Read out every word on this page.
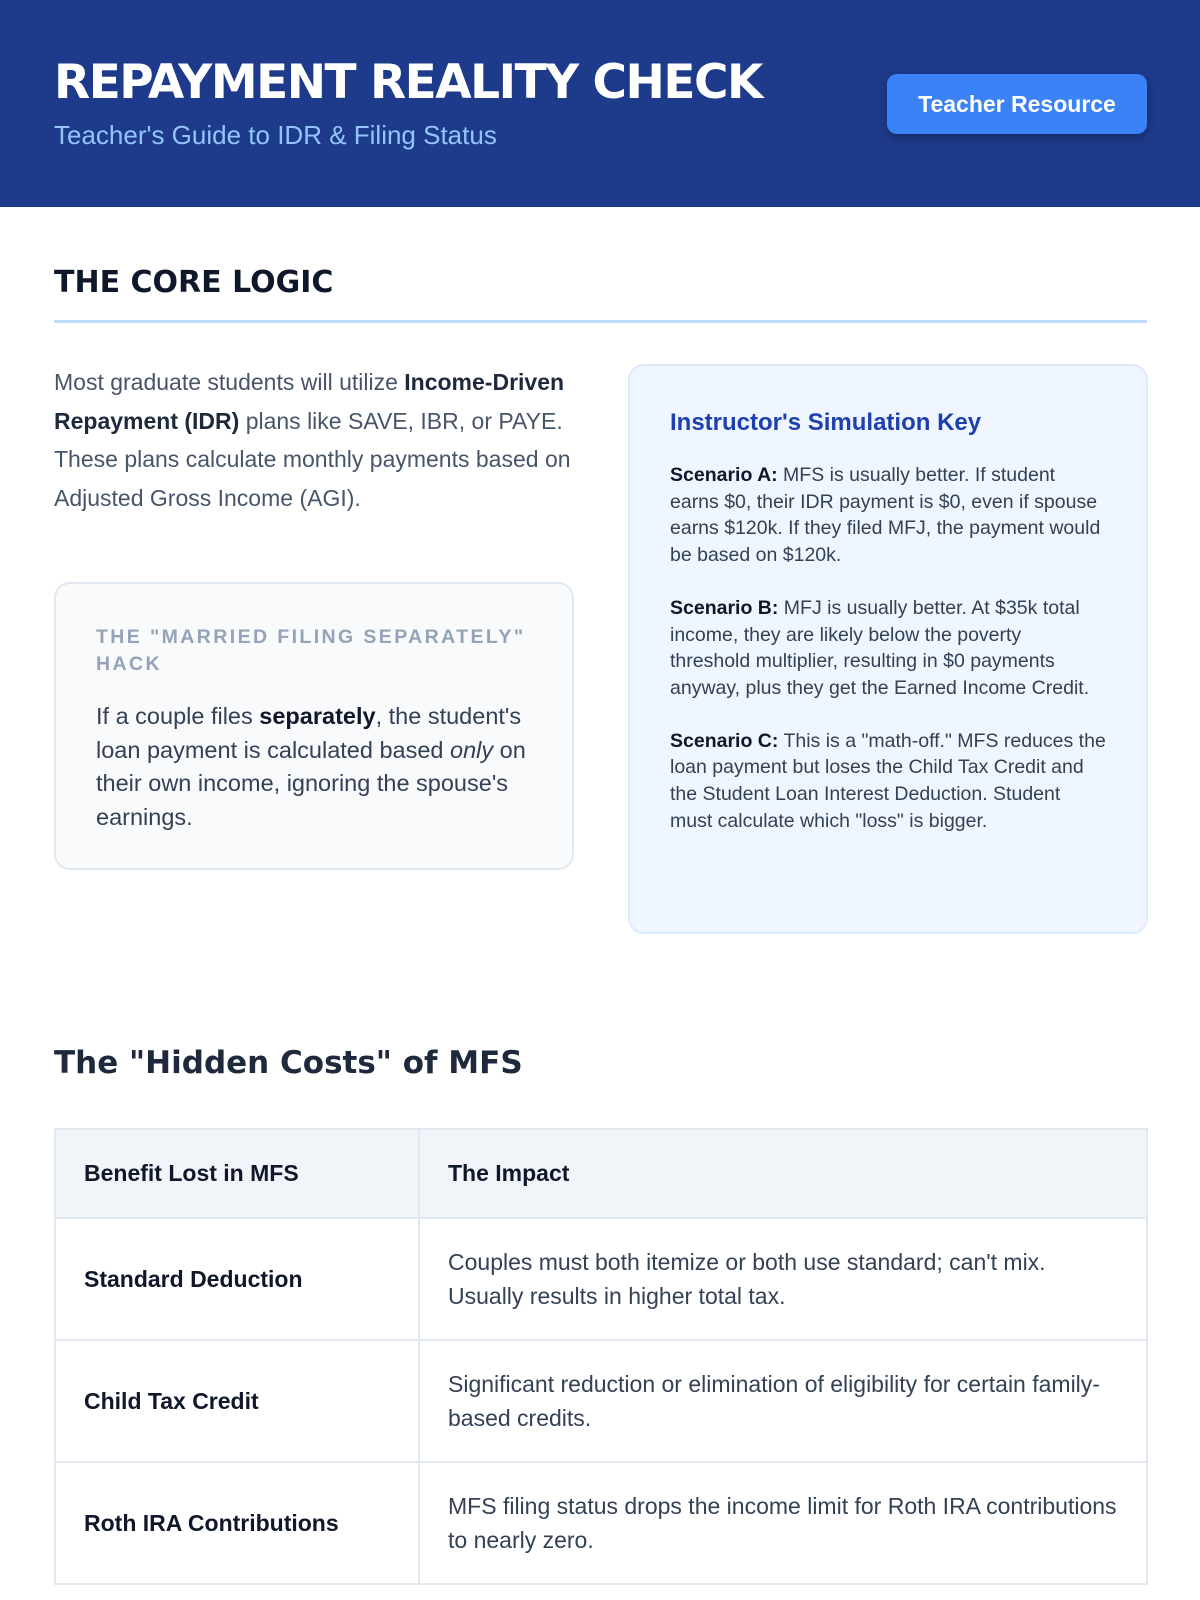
REPAYMENT REALITY CHECK
Teacher's Guide to IDR & Filing Status
Teacher Resource
THE CORE LOGIC

Most graduate students will utilize Income-Driven Repayment (IDR) plans like SAVE, IBR, or PAYE. These plans calculate monthly payments based on Adjusted Gross Income (AGI).

THE "MARRIED FILING SEPARATELY" HACK

If a couple files separately, the student's loan payment is calculated based only on their own income, ignoring the spouse's earnings.

Instructor's Simulation Key

Scenario A: MFS is usually better. If student earns $0, their IDR payment is $0, even if spouse earns $120k. If they filed MFJ, the payment would be based on $120k.

Scenario B: MFJ is usually better. At $35k total income, they are likely below the poverty threshold multiplier, resulting in $0 payments anyway, plus they get the Earned Income Credit.

Scenario C: This is a "math-off." MFS reduces the loan payment but loses the Child Tax Credit and the Student Loan Interest Deduction. Student must calculate which "loss" is bigger.

The "Hidden Costs" of MFS
Benefit Lost in MFS	The Impact
Standard Deduction	Couples must both itemize or both use standard; can't mix. Usually results in higher total tax.
Child Tax Credit	Significant reduction or elimination of eligibility for certain family-based credits.
Roth IRA Contributions	MFS filing status drops the income limit for Roth IRA contributions to nearly zero.
